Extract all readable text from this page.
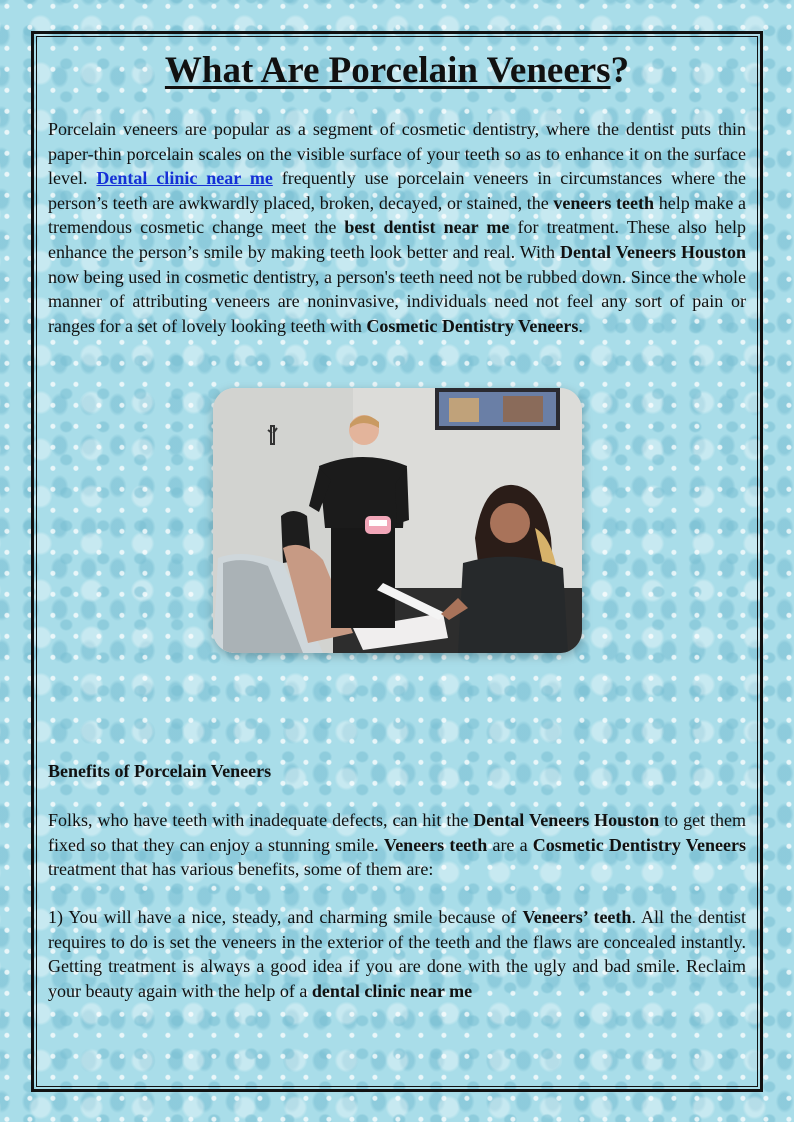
What Are Porcelain Veneers?

Porcelain veneers are popular as a segment of cosmetic dentistry, where the dentist puts thin paper-thin porcelain scales on the visible surface of your teeth so as to enhance it on the surface level. Dental clinic near me frequently use porcelain veneers in circumstances where the person’s teeth are awkwardly placed, broken, decayed, or stained, the veneers teeth help make a tremendous cosmetic change meet the best dentist near me for treatment. These also help enhance the person’s smile by making teeth look better and real. With Dental Veneers Houston now being used in cosmetic dentistry, a person's teeth need not be rubbed down. Since the whole manner of attributing veneers are noninvasive, individuals need not feel any sort of pain or ranges for a set of lovely looking teeth with Cosmetic Dentistry Veneers.

Benefits of Porcelain Veneers

Folks, who have teeth with inadequate defects, can hit the Dental Veneers Houston to get them fixed so that they can enjoy a stunning smile. Veneers teeth are a Cosmetic Dentistry Veneers treatment that has various benefits, some of them are:

1) You will have a nice, steady, and charming smile because of Veneers’ teeth. All the dentist requires to do is set the veneers in the exterior of the teeth and the flaws are concealed instantly. Getting treatment is always a good idea if you are done with the ugly and bad smile. Reclaim your beauty again with the help of a dental clinic near me
